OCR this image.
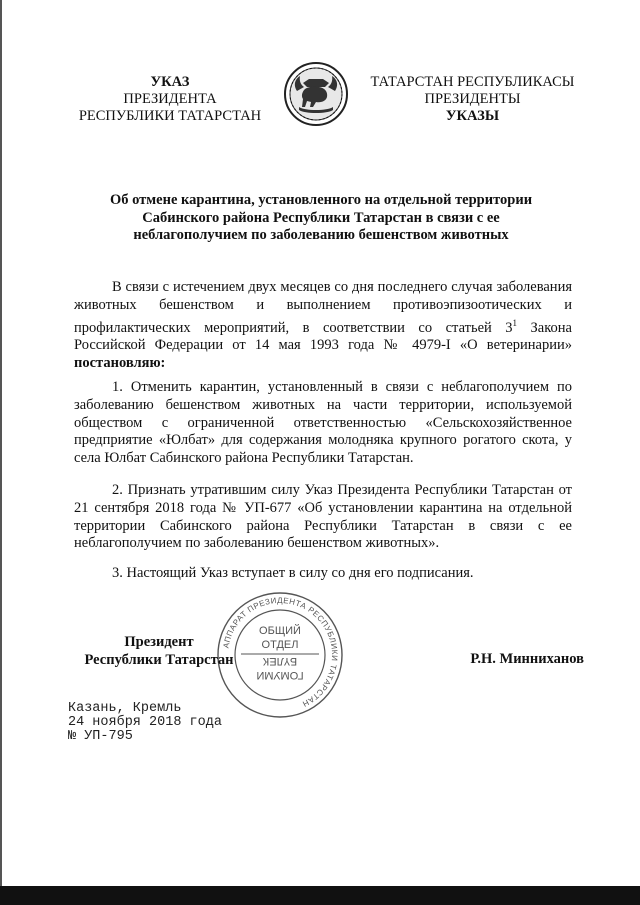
УКАЗ
ПРЕЗИДЕНТА
РЕСПУБЛИКИ ТАТАРСТАН
ТАТАРСТАН РЕСПУБЛИКАСЫ
ПРЕЗИДЕНТЫ
УКАЗЫ
Об отмене карантина, установленного на отдельной территории Сабинского района Республики Татарстан в связи с ее неблагополучием по заболеванию бешенством животных
В связи с истечением двух месяцев со дня последнего случая заболевания животных бешенством и выполнением противоэпизоотических и профилактических мероприятий, в соответствии со статьей $3^1$ Закона Российской Федерации от 14 мая 1993 года № 4979-I «О ветеринарии» постановляю:
1. Отменить карантин, установленный в связи с неблагополучием по заболеванию бешенством животных на части территории, используемой обществом с ограниченной ответственностью «Сельскохозяйственное предприятие «Юлбат» для содержания молодняка крупного рогатого скота, у села Юлбат Сабинского района Республики Татарстан.
2. Признать утратившим силу Указ Президента Республики Татарстан от 21 сентября 2018 года № УП-677 «Об установлении карантина на отдельной территории Сабинского района Республики Татарстан в связи с ее неблагополучием по заболеванию бешенством животных».
3. Настоящий Указ вступает в силу со дня его подписания.
АППАРАТ ПРЕЗИДЕНТА РЕСПУБЛИКИ ТАТАРСТАН
ОБЩИЙ
ОТДЕЛ
БҮЛЕК
ГОМУМИ
Президент
Республики Татарстан	Р.Н. Минниханов
Казань, Кремль
24 ноября 2018 года
№ УП-795
